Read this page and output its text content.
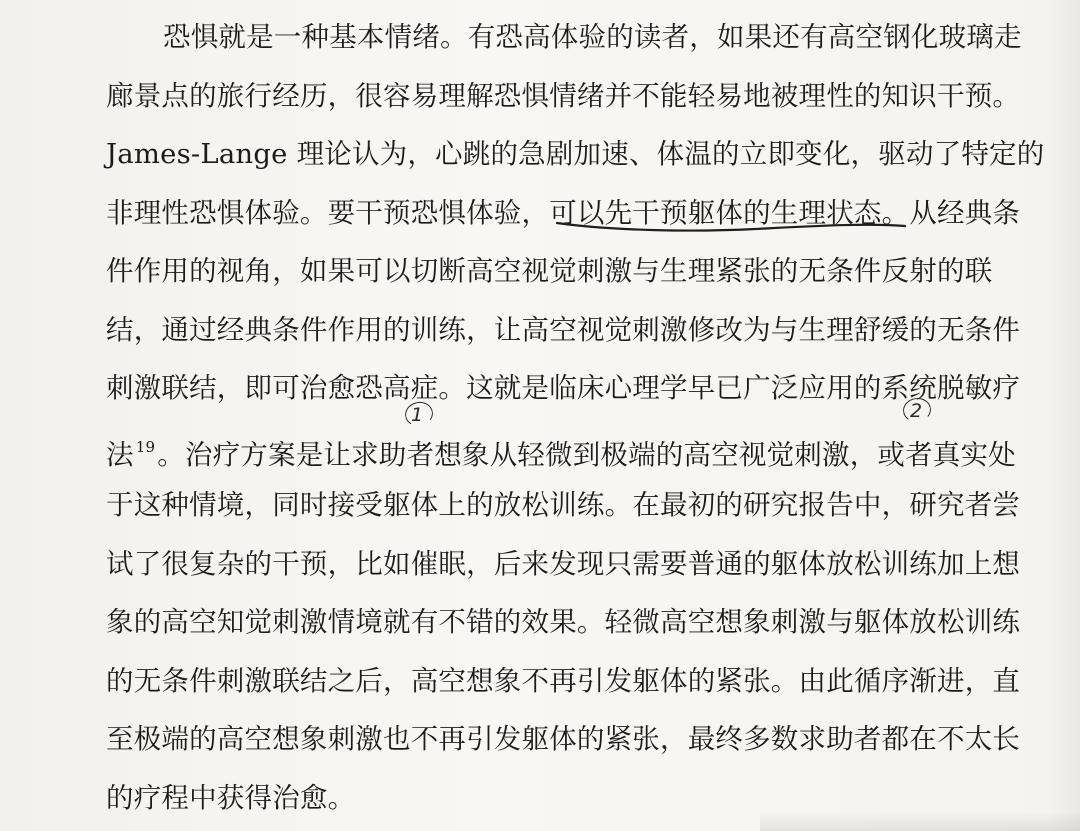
恐惧就是一种基本情绪。有恐高体验的读者，如果还有高空钢化玻璃走
廊景点的旅行经历，很容易理解恐惧情绪并不能轻易地被理性的知识干预。
James-Lange 理论认为，心跳的急剧加速、体温的立即变化，驱动了特定的
非理性恐惧体验。要干预恐惧体验，可以先干预躯体的生理状态。从经典条
件作用的视角，如果可以切断高空视觉刺激与生理紧张的无条件反射的联
结，通过经典条件作用的训练，让高空视觉刺激修改为与生理舒缓的无条件
刺激联结，即可治愈恐高症。这就是临床心理学早已广泛应用的系统脱敏疗
法 $^{19}$。治疗方案是让求助者想象从轻微到极端的高空视觉刺激，或者真实处
于这种情境，同时接受躯体上的放松训练。在最初的研究报告中，研究者尝
试了很复杂的干预，比如催眠，后来发现只需要普通的躯体放松训练加上想
象的高空知觉刺激情境就有不错的效果。轻微高空想象刺激与躯体放松训练
的无条件刺激联结之后，高空想象不再引发躯体的紧张。由此循序渐进，直
至极端的高空想象刺激也不再引发躯体的紧张，最终多数求助者都在不太长
的疗程中获得治愈。
1	2
